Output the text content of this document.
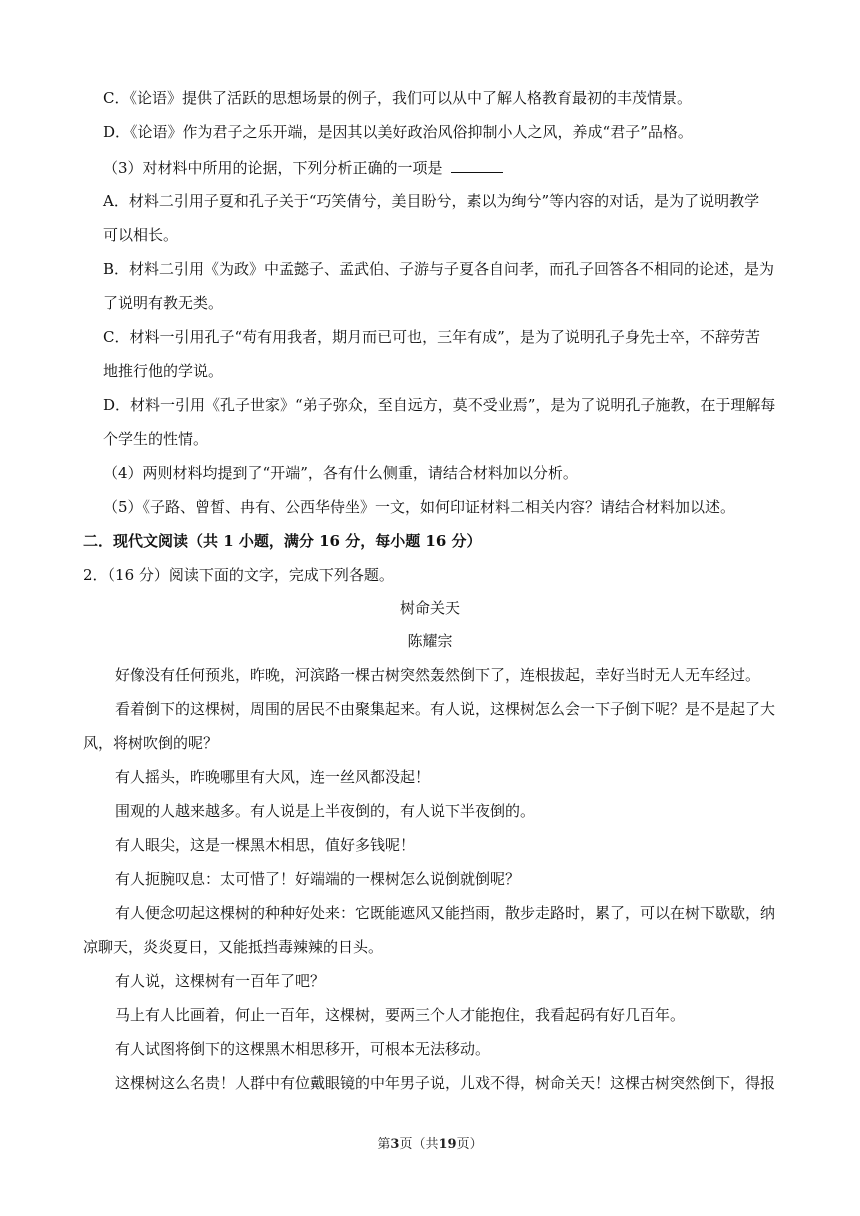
C．《论语》提供了活跃的思想场景的例子，我们可以从中了解人格教育最初的丰茂情景。
D．《论语》作为君子之乐开端，是因其以美好政治风俗抑制小人之风，养成“君子”品格。
（3）对材料中所用的论据，下列分析正确的一项是
A．材料二引用子夏和孔子关于“巧笑倩兮，美目盼兮，素以为绚兮”等内容的对话，是为了说明教学
可以相长。
B．材料二引用《为政》中孟懿子、孟武伯、子游与子夏各自问孝，而孔子回答各不相同的论述，是为
了说明有教无类。
C．材料一引用孔子“苟有用我者，期月而已可也，三年有成”，是为了说明孔子身先士卒，不辞劳苦
地推行他的学说。
D．材料一引用《孔子世家》“弟子弥众，至自远方，莫不受业焉”，是为了说明孔子施教，在于理解每
个学生的性情。
（4）两则材料均提到了“开端”，各有什么侧重，请结合材料加以分析。
（5）《子路、曾皙、冉有、公西华侍坐》一文，如何印证材料二相关内容？请结合材料加以述。
二．现代文阅读（共 1 小题，满分 16 分，每小题 16 分）
2．（16 分）阅读下面的文字，完成下列各题。
树命关天
陈耀宗
好像没有任何预兆，昨晚，河滨路一棵古树突然轰然倒下了，连根拔起，幸好当时无人无车经过。
看着倒下的这棵树，周围的居民不由聚集起来。有人说，这棵树怎么会一下子倒下呢？是不是起了大
风，将树吹倒的呢？
有人摇头，昨晚哪里有大风，连一丝风都没起！
围观的人越来越多。有人说是上半夜倒的，有人说下半夜倒的。
有人眼尖，这是一棵黑木相思，值好多钱呢！
有人扼腕叹息：太可惜了！好端端的一棵树怎么说倒就倒呢？
有人便念叨起这棵树的种种好处来：它既能遮风又能挡雨，散步走路时，累了，可以在树下歇歇，纳
凉聊天，炎炎夏日，又能抵挡毒辣辣的日头。
有人说，这棵树有一百年了吧？
马上有人比画着，何止一百年，这棵树，要两三个人才能抱住，我看起码有好几百年。
有人试图将倒下的这棵黑木相思移开，可根本无法移动。
这棵树这么名贵！人群中有位戴眼镜的中年男子说，儿戏不得，树命关天！这棵古树突然倒下，得报
第3页（共19页）
